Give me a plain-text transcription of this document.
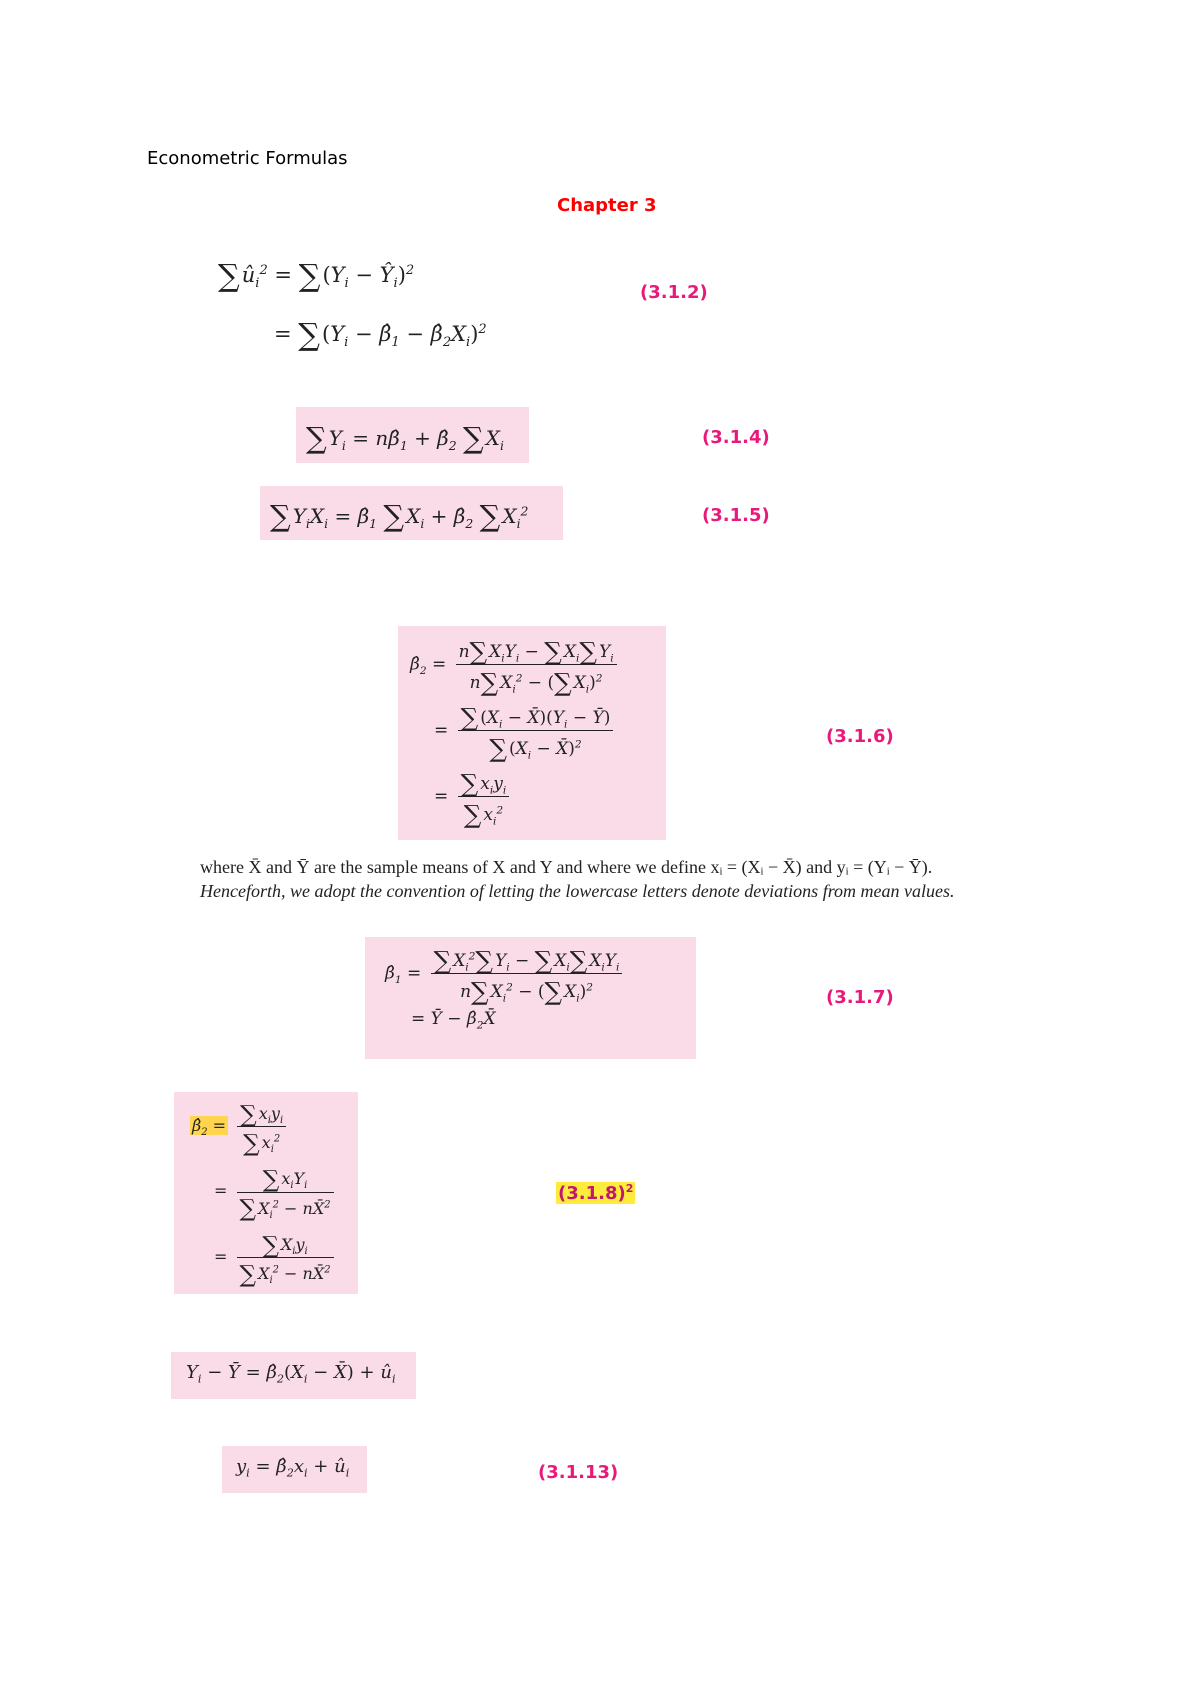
Econometric Formulas
Chapter 3
$\sum û_i^2 = \sum(Y_i$ − $Ŷ_i)^2$
= $\sum(Y_i$ − $\betâ_1$ − $\betâ_2X_i)^2$
(3.1.2)
∑ $Y_i$ = $n\betâ_1$ + $\betâ_2$ ∑ $X_i$	(3.1.4)
∑ $Y_iX_i$ = $\betâ_1$ ∑ $X_i$ + $\betâ_2$ ∑ $X_i^2$	(3.1.5)
$\betâ_2 = \frac{n\sum X_iY_i - \sum X_i\sum Y_i}{n\sum X_i^2 - (\sum X_i)^2}$
= $\frac{\sum (X_i - X̄)(Y_i - Ȳ)}{\sum (X_i - X̄)^2}$
= $\frac{\sum x_iy_i}{\sum x_i^2}$
(3.1.6)
where X̄ and Ȳ are the sample means of X and Y and where we define xᵢ = (Xᵢ − X̄) and yᵢ = (Yᵢ − Ȳ). Henceforth, we adopt the convention of letting the lowercase letters denote deviations from mean values.
$\betâ_1 = \frac{\sum X_i^2\sum Y_i - \sum X_i\sum X_iY_i}{n\sum X_i^2 - (\sum X_i)^2}$
= Ȳ − $\betâ_2X̄$
(3.1.7)
$\betâ_2 = \frac{\sum x_iy_i}{\sum x_i^2}$
= $\frac{\sum x_iY_i}{\sum X_i^2 - nX̄^2}$
= $\frac{\sum X_iy_i}{\sum X_i^2 - nX̄^2}$
$(3.1.8)^2$
$Y_i$ − Ȳ = $\betâ_2(X_i$ − X̄) + $û_i$
$y_i$ = $\betâ_2x_i$ + $û_i$	(3.1.13)
